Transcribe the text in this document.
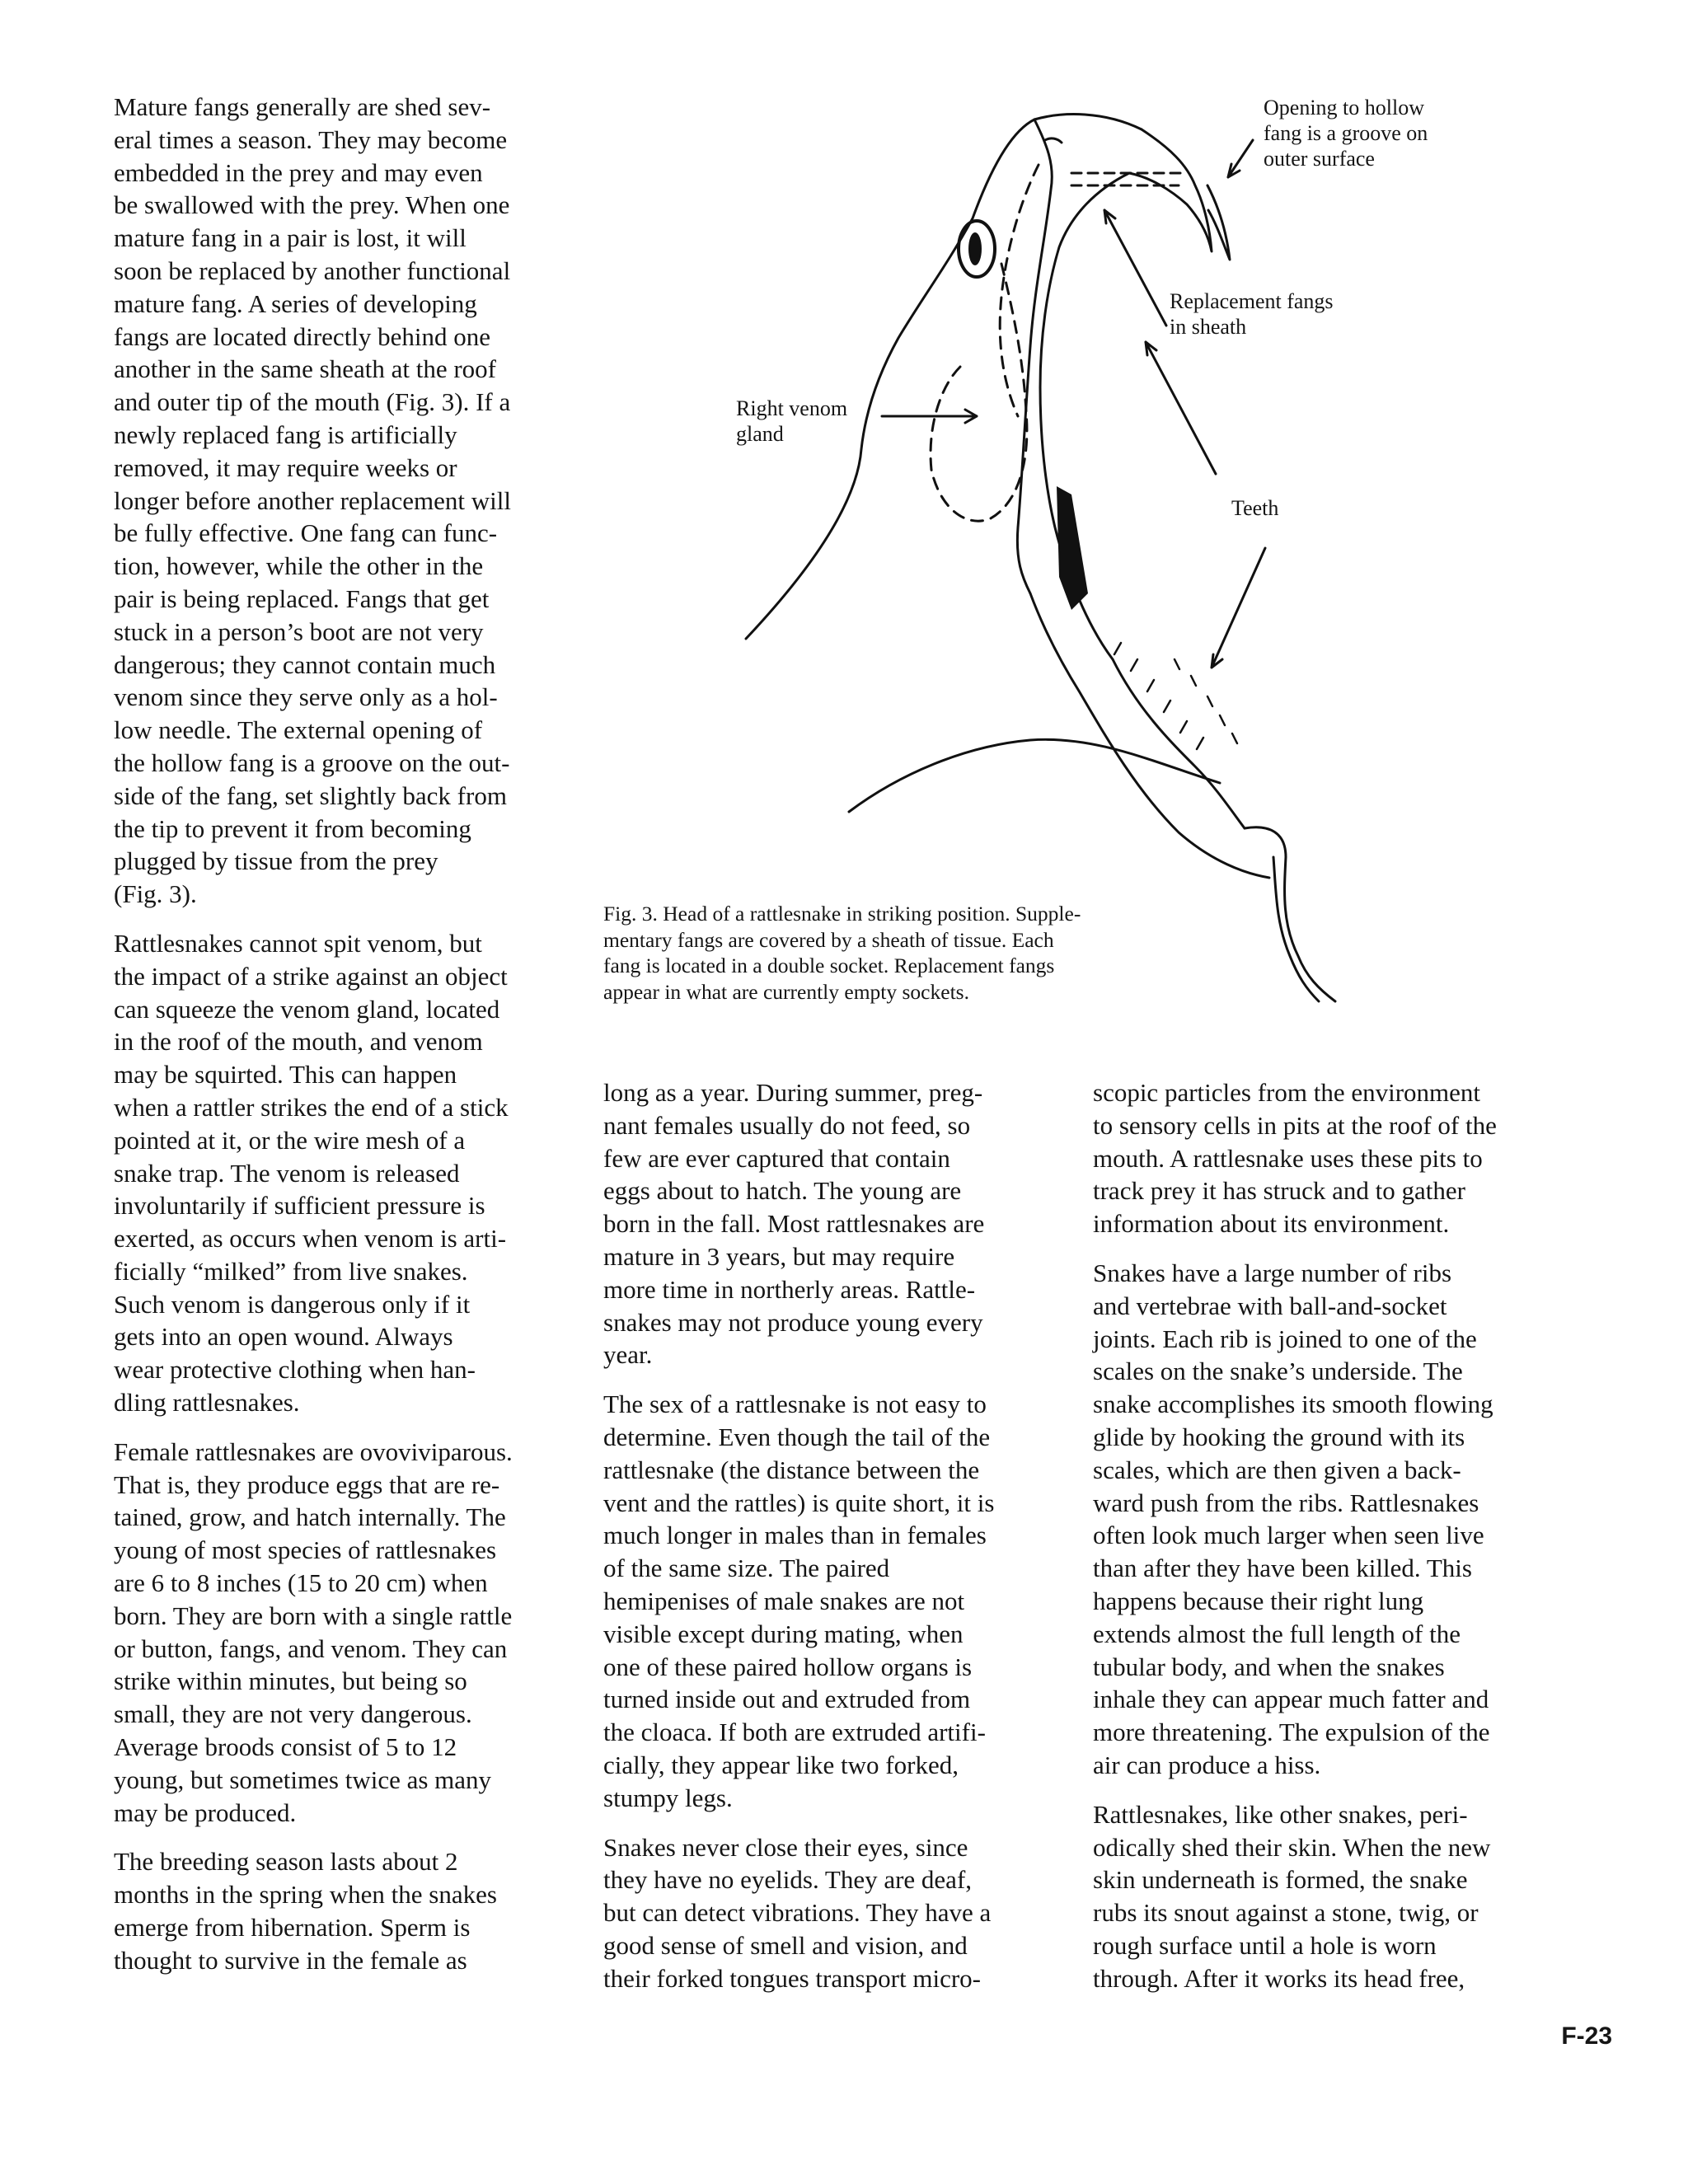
Mature fangs generally are shed sev-
eral times a season. They may become
embedded in the prey and may even
be swallowed with the prey. When one
mature fang in a pair is lost, it will
soon be replaced by another functional
mature fang. A series of developing
fangs are located directly behind one
another in the same sheath at the roof
and outer tip of the mouth (Fig. 3). If a
newly replaced fang is artificially
removed, it may require weeks or
longer before another replacement will
be fully effective. One fang can func-
tion, however, while the other in the
pair is being replaced. Fangs that get
stuck in a person’s boot are not very
dangerous; they cannot contain much
venom since they serve only as a hol-
low needle. The external opening of
the hollow fang is a groove on the out-
side of the fang, set slightly back from
the tip to prevent it from becoming
plugged by tissue from the prey
(Fig. 3).

Rattlesnakes cannot spit venom, but
the impact of a strike against an object
can squeeze the venom gland, located
in the roof of the mouth, and venom
may be squirted. This can happen
when a rattler strikes the end of a stick
pointed at it, or the wire mesh of a
snake trap. The venom is released
involuntarily if sufficient pressure is
exerted, as occurs when venom is arti-
ficially “milked” from live snakes.
Such venom is dangerous only if it
gets into an open wound. Always
wear protective clothing when han-
dling rattlesnakes.

Female rattlesnakes are ovoviviparous.
That is, they produce eggs that are re-
tained, grow, and hatch internally. The
young of most species of rattlesnakes
are 6 to 8 inches (15 to 20 cm) when
born. They are born with a single rattle
or button, fangs, and venom. They can
strike within minutes, but being so
small, they are not very dangerous.
Average broods consist of 5 to 12
young, but sometimes twice as many
may be produced.

The breeding season lasts about 2
months in the spring when the snakes
emerge from hibernation. Sperm is
thought to survive in the female as

Opening to hollow
fang is a groove on
outer surface
Replacement fangs
in sheath
Right venom
gland
Teeth
Fig. 3. Head of a rattlesnake in striking position. Supple-
mentary fangs are covered by a sheath of tissue. Each
fang is located in a double socket. Replacement fangs
appear in what are currently empty sockets.

long as a year. During summer, preg-
nant females usually do not feed, so
few are ever captured that contain
eggs about to hatch. The young are
born in the fall. Most rattlesnakes are
mature in 3 years, but may require
more time in northerly areas. Rattle-
snakes may not produce young every
year.

The sex of a rattlesnake is not easy to
determine. Even though the tail of the
rattlesnake (the distance between the
vent and the rattles) is quite short, it is
much longer in males than in females
of the same size. The paired
hemipenises of male snakes are not
visible except during mating, when
one of these paired hollow organs is
turned inside out and extruded from
the cloaca. If both are extruded artifi-
cially, they appear like two forked,
stumpy legs.

Snakes never close their eyes, since
they have no eyelids. They are deaf,
but can detect vibrations. They have a
good sense of smell and vision, and
their forked tongues transport micro-

scopic particles from the environment
to sensory cells in pits at the roof of the
mouth. A rattlesnake uses these pits to
track prey it has struck and to gather
information about its environment.

Snakes have a large number of ribs
and vertebrae with ball-and-socket
joints. Each rib is joined to one of the
scales on the snake’s underside. The
snake accomplishes its smooth flowing
glide by hooking the ground with its
scales, which are then given a back-
ward push from the ribs. Rattlesnakes
often look much larger when seen live
than after they have been killed. This
happens because their right lung
extends almost the full length of the
tubular body, and when the snakes
inhale they can appear much fatter and
more threatening. The expulsion of the
air can produce a hiss.

Rattlesnakes, like other snakes, peri-
odically shed their skin. When the new
skin underneath is formed, the snake
rubs its snout against a stone, twig, or
rough surface until a hole is worn
through. After it works its head free,

F-23
